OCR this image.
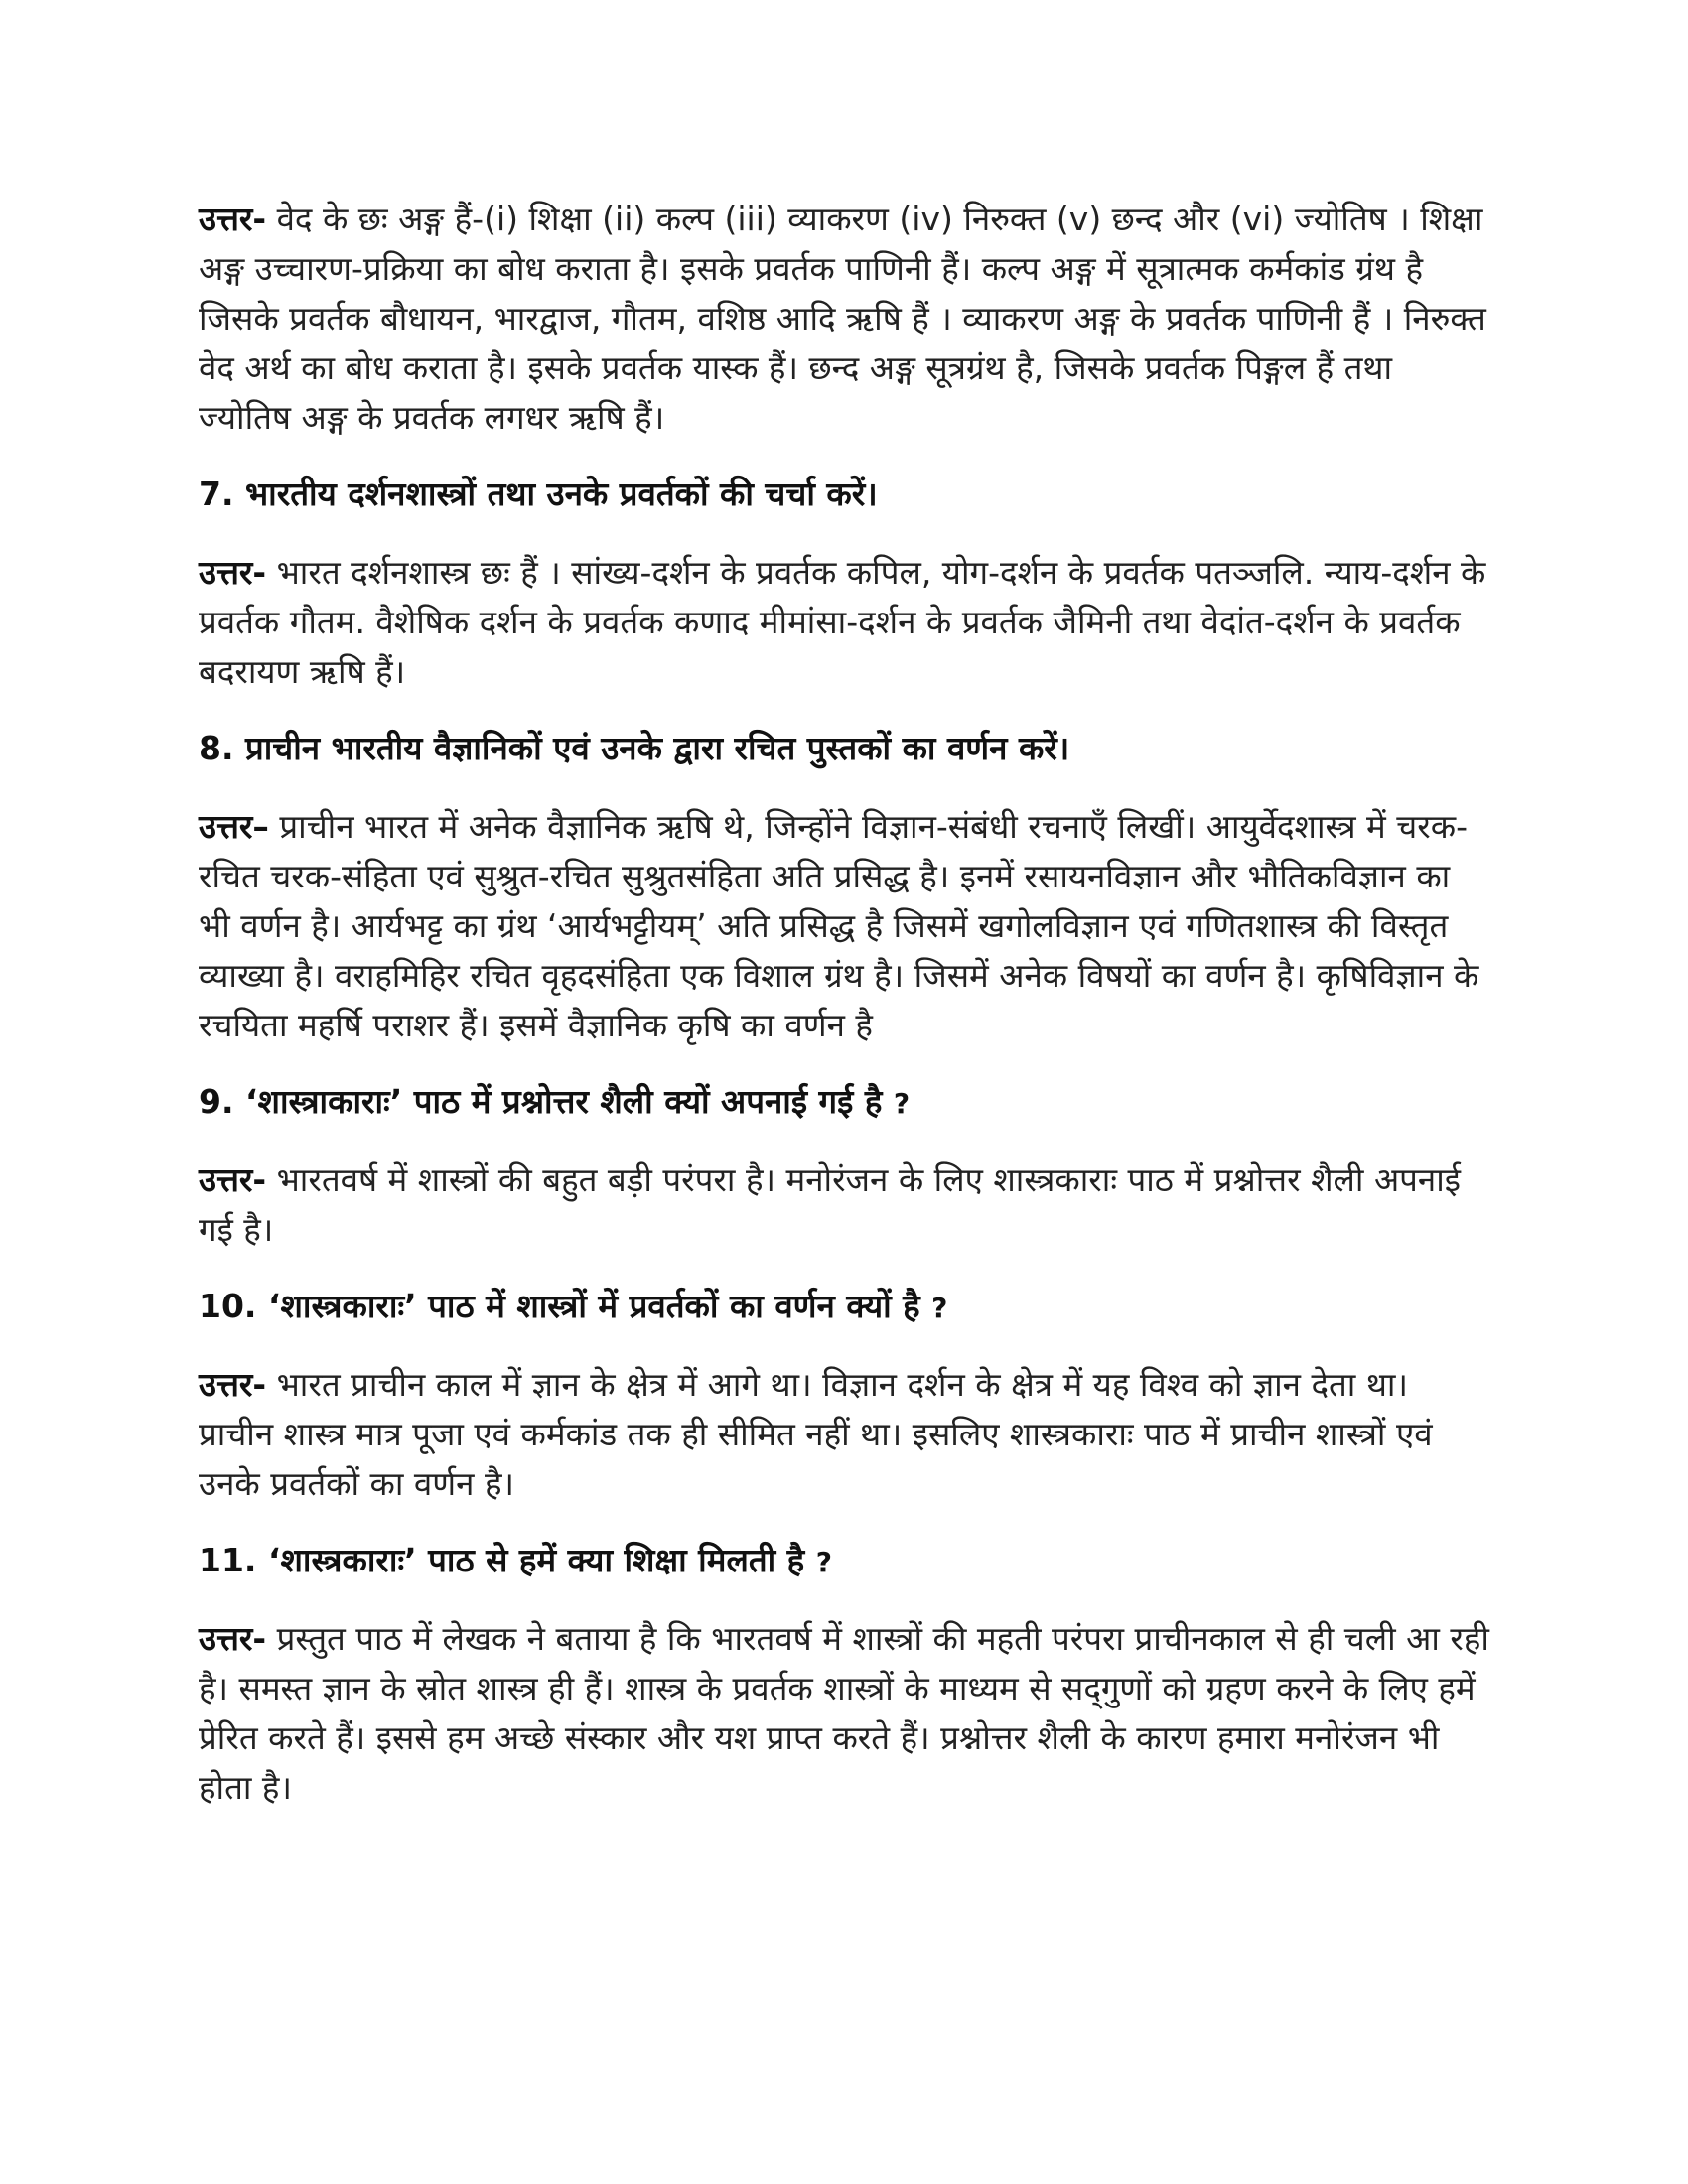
उत्तर- वेद के छः अङ्ग हैं-(i) शिक्षा (ii) कल्प (iii) व्याकरण (iv) निरुक्त (v) छन्द और (vi) ज्योतिष । शिक्षा अङ्ग उच्चारण-प्रक्रिया का बोध कराता है। इसके प्रवर्तक पाणिनी हैं। कल्प अङ्ग में सूत्रात्मक कर्मकांड ग्रंथ है जिसके प्रवर्तक बौधायन, भारद्वाज, गौतम, वशिष्ठ आदि ऋषि हैं । व्याकरण अङ्ग के प्रवर्तक पाणिनी हैं । निरुक्त वेद अर्थ का बोध कराता है। इसके प्रवर्तक यास्क हैं। छन्द अङ्ग सूत्रग्रंथ है, जिसके प्रवर्तक पिङ्गल हैं तथा ज्योतिष अङ्ग के प्रवर्तक लगधर ऋषि हैं।

7. भारतीय दर्शनशास्त्रों तथा उनके प्रवर्तकों की चर्चा करें।

उत्तर- भारत दर्शनशास्त्र छः हैं । सांख्य-दर्शन के प्रवर्तक कपिल, योग-दर्शन के प्रवर्तक पतञ्जलि. न्याय-दर्शन के प्रवर्तक गौतम. वैशेषिक दर्शन के प्रवर्तक कणाद मीमांसा-दर्शन के प्रवर्तक जैमिनी तथा वेदांत-दर्शन के प्रवर्तक बदरायण ऋषि हैं।

8. प्राचीन भारतीय वैज्ञानिकों एवं उनके द्वारा रचित पुस्तकों का वर्णन करें।

उत्तर– प्राचीन भारत में अनेक वैज्ञानिक ऋषि थे, जिन्होंने विज्ञान-संबंधी रचनाएँ लिखीं। आयुर्वेदशास्त्र में चरक-रचित चरक-संहिता एवं सुश्रुत-रचित सुश्रुतसंहिता अति प्रसिद्ध है। इनमें रसायनविज्ञान और भौतिकविज्ञान का भी वर्णन है। आर्यभट्ट का ग्रंथ ‘आर्यभट्टीयम्’ अति प्रसिद्ध है जिसमें खगोलविज्ञान एवं गणितशास्त्र की विस्तृत व्याख्या है। वराहमिहिर रचित वृहदसंहिता एक विशाल ग्रंथ है। जिसमें अनेक विषयों का वर्णन है। कृषिविज्ञान के रचयिता महर्षि पराशर हैं। इसमें वैज्ञानिक कृषि का वर्णन है

9. ‘शास्त्राकाराः’ पाठ में प्रश्नोत्तर शैली क्यों अपनाई गई है ?

उत्तर- भारतवर्ष में शास्त्रों की बहुत बड़ी परंपरा है। मनोरंजन के लिए शास्त्रकाराः पाठ में प्रश्नोत्तर शैली अपनाई गई है।

10. ‘शास्त्रकाराः’ पाठ में शास्त्रों में प्रवर्तकों का वर्णन क्यों है ?

उत्तर- भारत प्राचीन काल में ज्ञान के क्षेत्र में आगे था। विज्ञान दर्शन के क्षेत्र में यह विश्व को ज्ञान देता था। प्राचीन शास्त्र मात्र पूजा एवं कर्मकांड तक ही सीमित नहीं था। इसलिए शास्त्रकाराः पाठ में प्राचीन शास्त्रों एवं उनके प्रवर्तकों का वर्णन है।

11. ‘शास्त्रकाराः’ पाठ से हमें क्या शिक्षा मिलती है ?

उत्तर- प्रस्तुत पाठ में लेखक ने बताया है कि भारतवर्ष में शास्त्रों की महती परंपरा प्राचीनकाल से ही चली आ रही है। समस्त ज्ञान के स्रोत शास्त्र ही हैं। शास्त्र के प्रवर्तक शास्त्रों के माध्यम से सद्‌गुणों को ग्रहण करने के लिए हमें प्रेरित करते हैं। इससे हम अच्छे संस्कार और यश प्राप्त करते हैं। प्रश्नोत्तर शैली के कारण हमारा मनोरंजन भी होता है।
